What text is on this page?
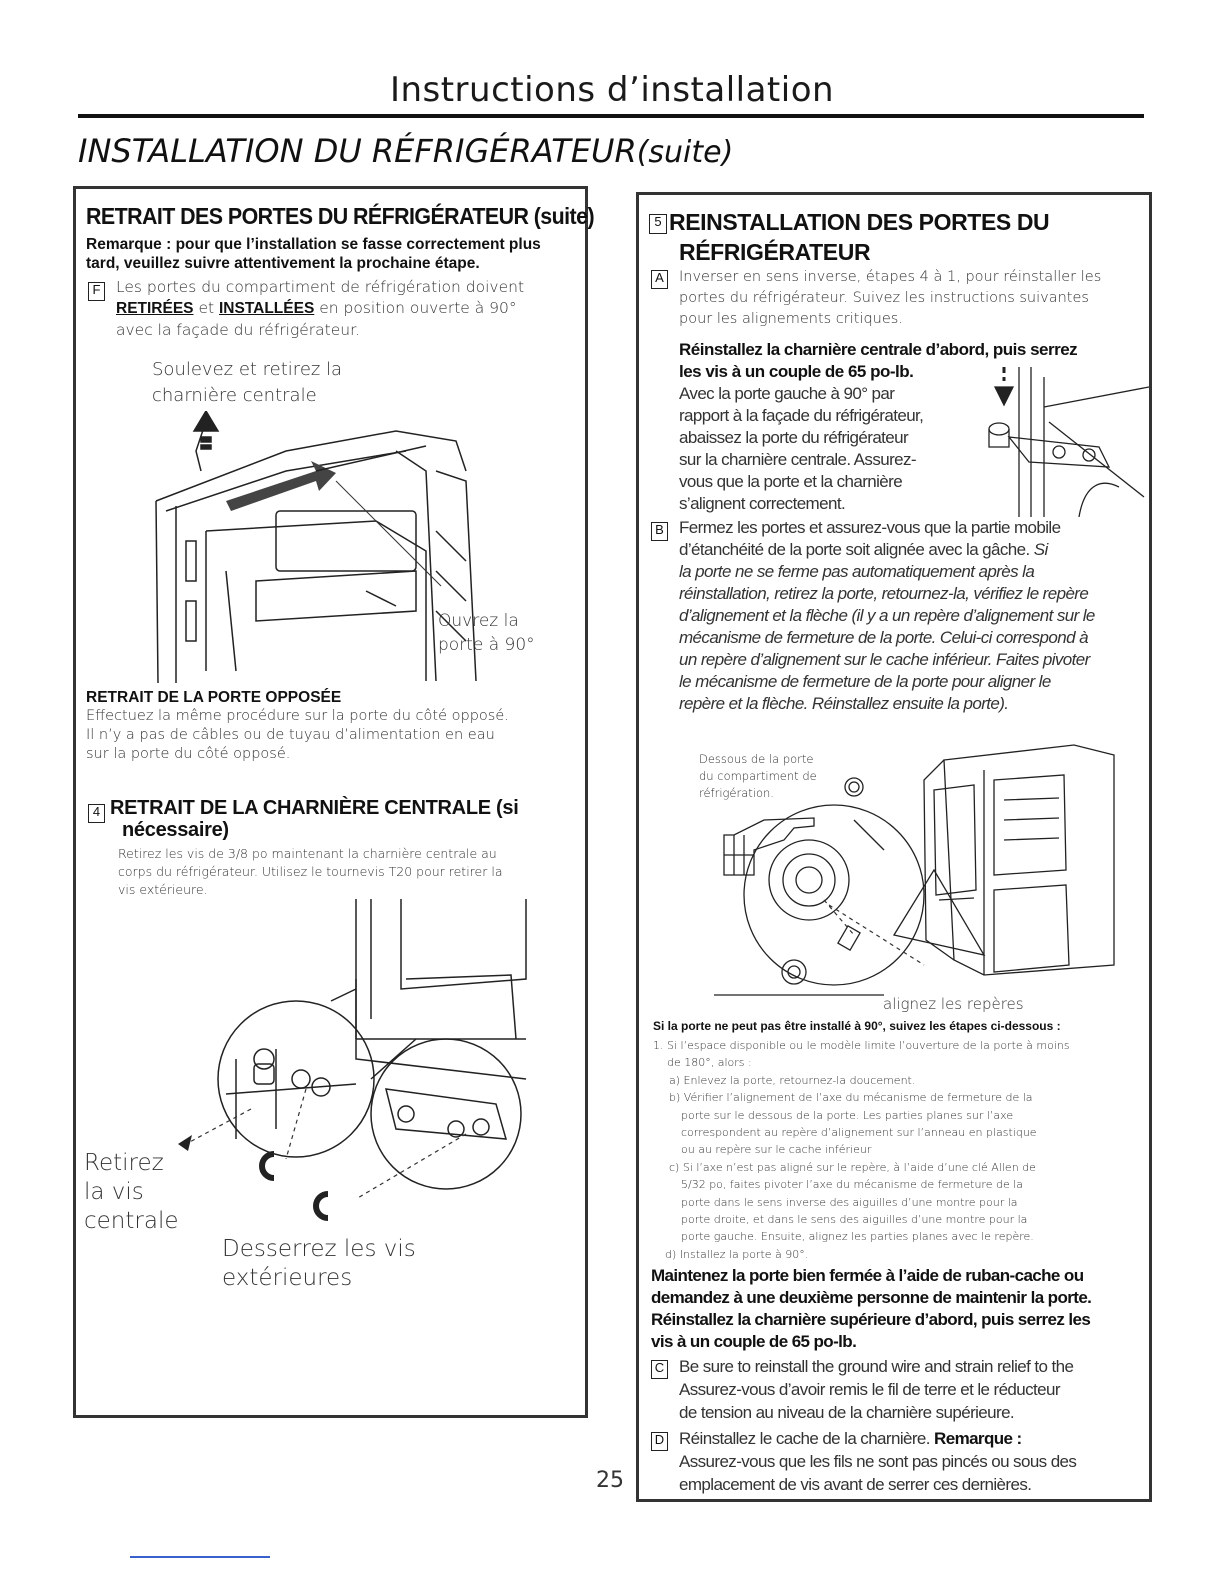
Instructions d’installation
INSTALLATION DU RÉFRIGÉRATEUR(suite)
RETRAIT DES PORTES DU RÉFRIGÉRATEUR (suite)
Remarque : pour que l’installation se fasse correctement plus
tard, veuillez suivre attentivement la prochaine étape.
F Les portes du compartiment de réfrigération doivent
RETIRÉES et INSTALLÉES en position ouverte à 90°
avec la façade du réfrigérateur.
Soulevez et retirez la
charnière centrale
Ouvrez la
porte à 90°
RETRAIT DE LA PORTE OPPOSÉE
Effectuez la même procédure sur la porte du côté opposé.
Il n’y a pas de câbles ou de tuyau d’alimentation en eau
sur la porte du côté opposé.
4 RETRAIT DE LA CHARNIÈRE CENTRALE (si
nécessaire)
Retirez les vis de 3/8 po maintenant la charnière centrale au
corps du réfrigérateur. Utilisez le tournevis T20 pour retirer la
vis extérieure.
Retirez
la vis
centrale
Desserrez les vis
extérieures
5 REINSTALLATION DES PORTES DU
RÉFRIGÉRATEUR
A Inverser en sens inverse, étapes 4 à 1, pour réinstaller les
portes du réfrigérateur. Suivez les instructions suivantes
pour les alignements critiques.
Réinstallez la charnière centrale d’abord, puis serrez
les vis à un couple de 65 po-lb.
Avec la porte gauche à 90° par
rapport à la façade du réfrigérateur,
abaissez la porte du réfrigérateur
sur la charnière centrale. Assurez-
vous que la porte et la charnière
s’alignent correctement.
B Fermez les portes et assurez-vous que la partie mobile
d’étanchéité de la porte soit alignée avec la gâche. Si
la porte ne se ferme pas automatiquement après la
réinstallation, retirez la porte, retournez-la, vérifiez le repère
d’alignement et la flèche (il y a un repère d’alignement sur le
mécanisme de fermeture de la porte. Celui-ci correspond à
un repère d’alignement sur le cache inférieur. Faites pivoter
le mécanisme de fermeture de la porte pour aligner le
repère et la flèche. Réinstallez ensuite la porte).
Dessous de la porte
du compartiment de
réfrigération.
alignez les repères
Si la porte ne peut pas être installé à 90°, suivez les étapes ci-dessous :
1. Si l’espace disponible ou le modèle limite l’ouverture de la porte à moins
de 180°, alors :
a) Enlevez la porte, retournez-la doucement.
b) Vérifier l’alignement de l’axe du mécanisme de fermeture de la
porte sur le dessous de la porte. Les parties planes sur l’axe
correspondent au repère d’alignement sur l’anneau en plastique
ou au repère sur le cache inférieur
c) Si l’axe n’est pas aligné sur le repère, à l’aide d’une clé Allen de
5/32 po, faites pivoter l’axe du mécanisme de fermeture de la
porte dans le sens inverse des aiguilles d’une montre pour la
porte droite, et dans le sens des aiguilles d’une montre pour la
porte gauche. Ensuite, alignez les parties planes avec le repère.
d) Installez la porte à 90°.
Maintenez la porte bien fermée à l’aide de ruban-cache ou
demandez à une deuxième personne de maintenir la porte.
Réinstallez la charnière supérieure d’abord, puis serrez les
vis à un couple de 65 po-lb.
C Be sure to reinstall the ground wire and strain relief to the
Assurez-vous d’avoir remis le fil de terre et le réducteur
de tension au niveau de la charnière supérieure.
D Réinstallez le cache de la charnière. Remarque :
Assurez-vous que les fils ne sont pas pincés ou sous des
emplacement de vis avant de serrer ces dernières.
25
